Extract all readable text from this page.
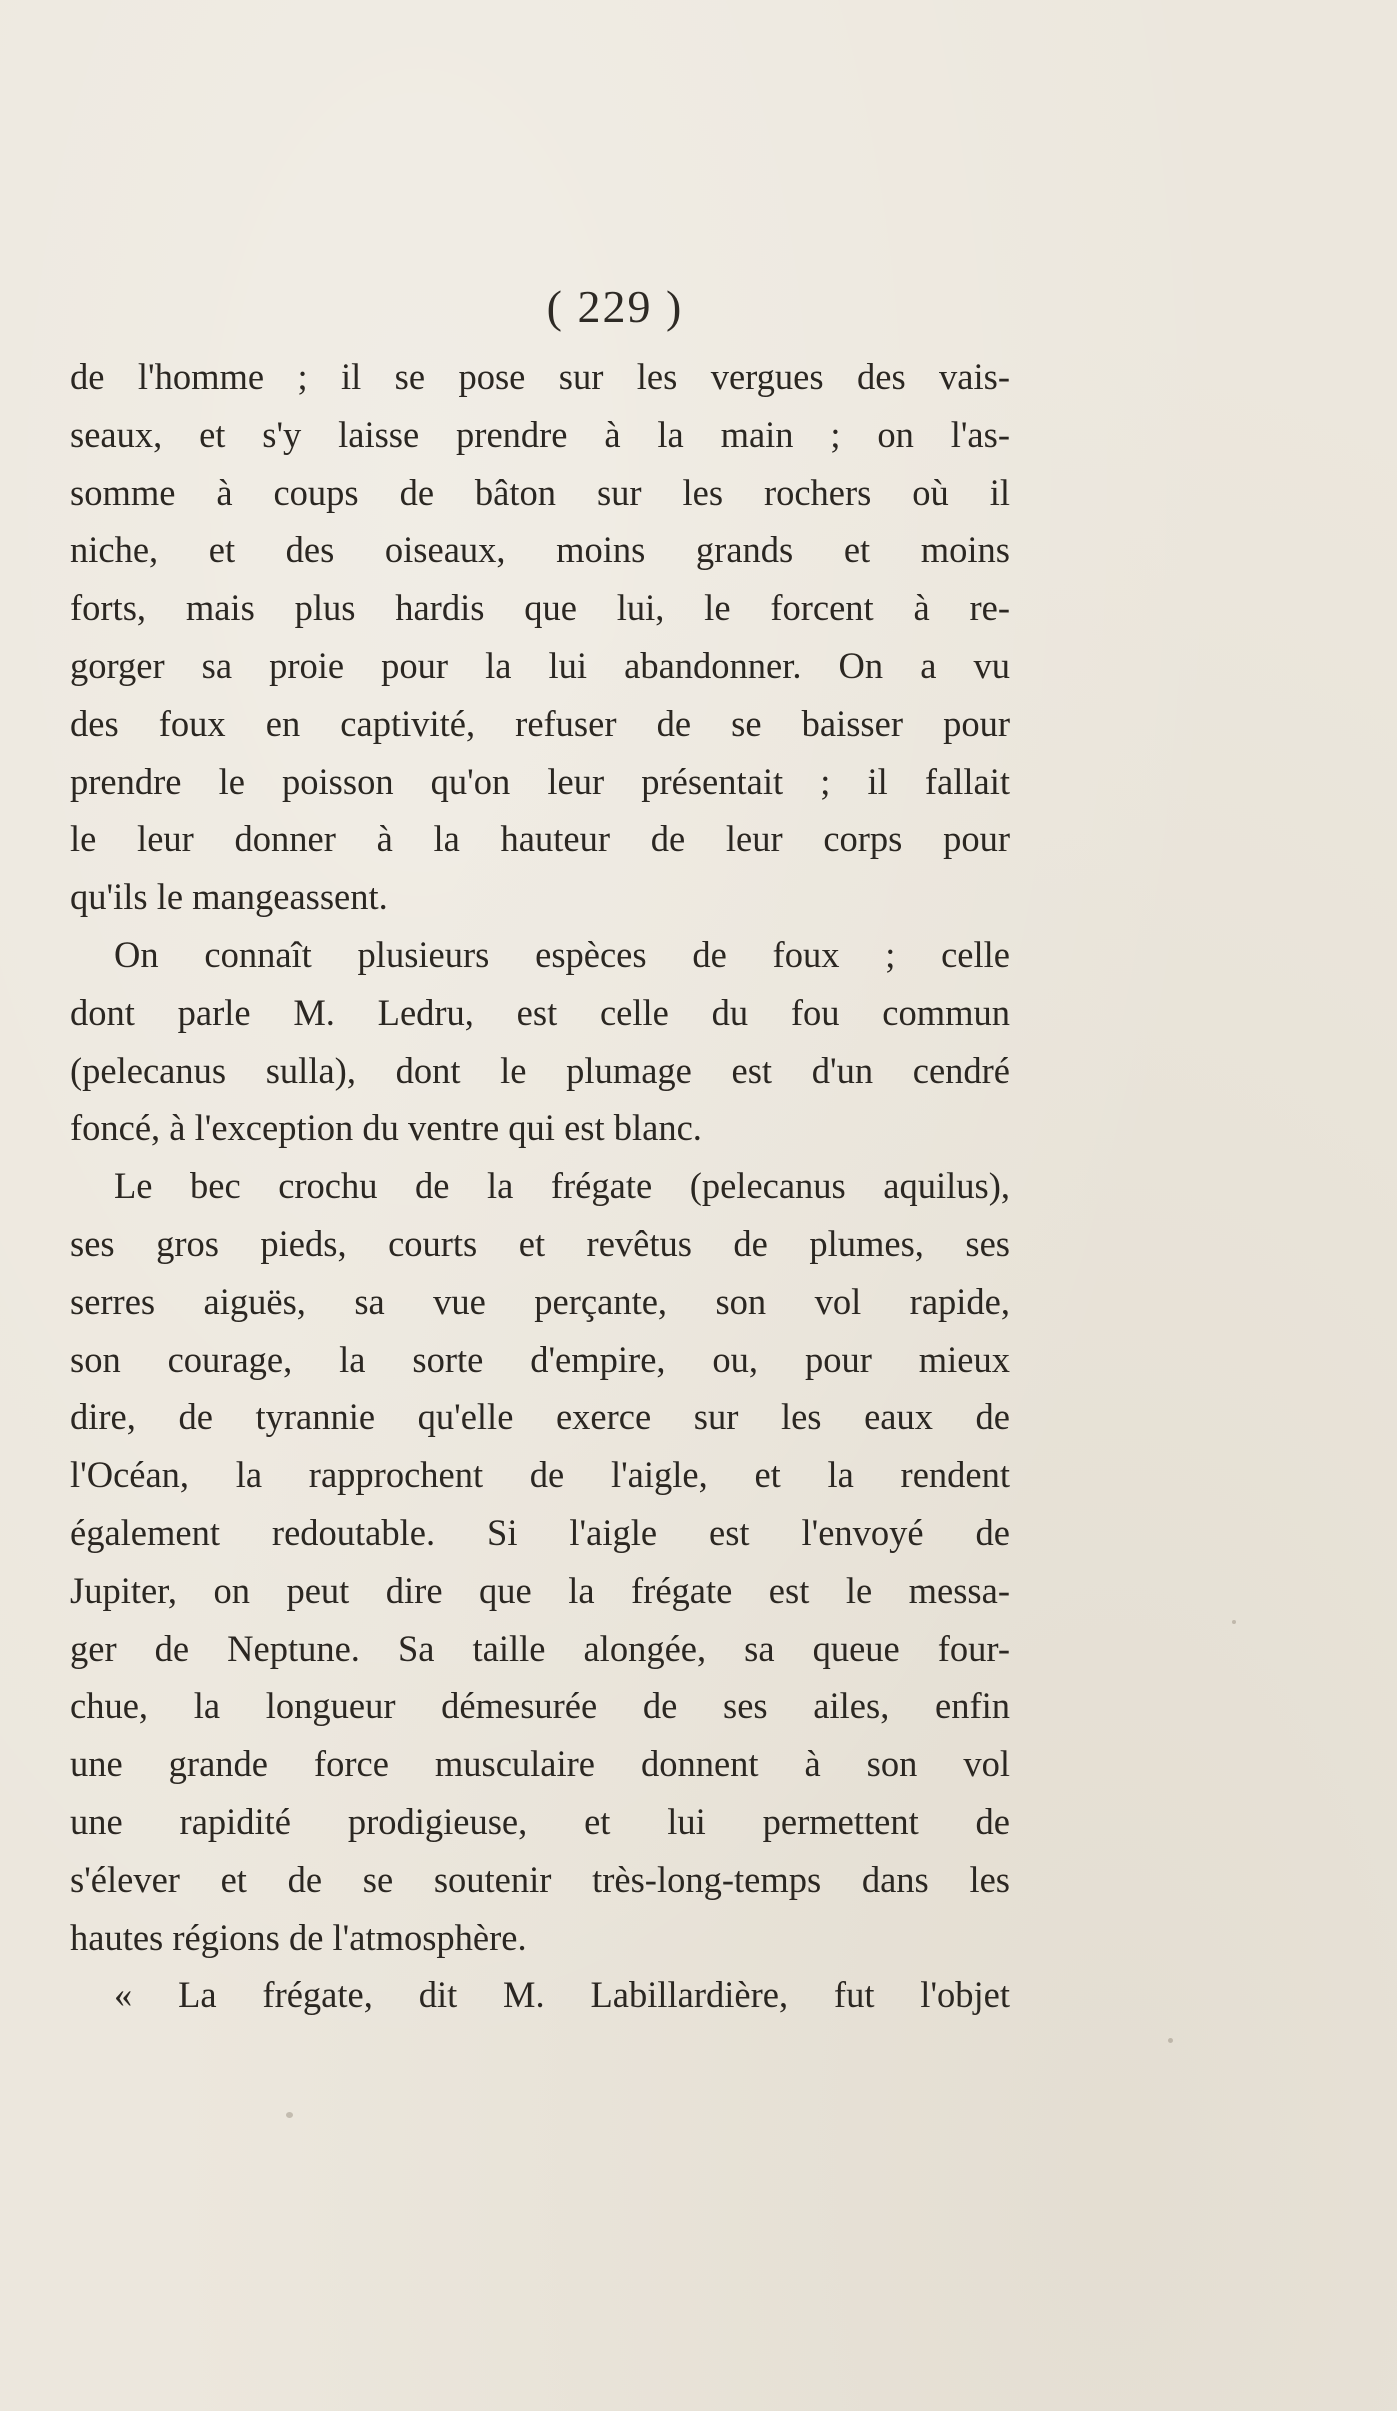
( 229 )
de l'homme ; il se pose sur les vergues des vais-
seaux, et s'y laisse prendre à la main ; on l'as-
somme à coups de bâton sur les rochers où il
niche, et des oiseaux, moins grands et moins
forts, mais plus hardis que lui, le forcent à re-
gorger sa proie pour la lui abandonner. On a vu
des foux en captivité, refuser de se baisser pour
prendre le poisson qu'on leur présentait ; il fallait
le leur donner à la hauteur de leur corps pour
qu'ils le mangeassent.
On connaît plusieurs espèces de foux ; celle
dont parle M. Ledru, est celle du fou commun
(pelecanus sulla), dont le plumage est d'un cendré
foncé, à l'exception du ventre qui est blanc.
Le bec crochu de la frégate (pelecanus aquilus),
ses gros pieds, courts et revêtus de plumes, ses
serres aiguës, sa vue perçante, son vol rapide,
son courage, la sorte d'empire, ou, pour mieux
dire, de tyrannie qu'elle exerce sur les eaux de
l'Océan, la rapprochent de l'aigle, et la rendent
également redoutable. Si l'aigle est l'envoyé de
Jupiter, on peut dire que la frégate est le messa-
ger de Neptune. Sa taille alongée, sa queue four-
chue, la longueur démesurée de ses ailes, enfin
une grande force musculaire donnent à son vol
une rapidité prodigieuse, et lui permettent de
s'élever et de se soutenir très-long-temps dans les
hautes régions de l'atmosphère.
« La frégate, dit M. Labillardière, fut l'objet
